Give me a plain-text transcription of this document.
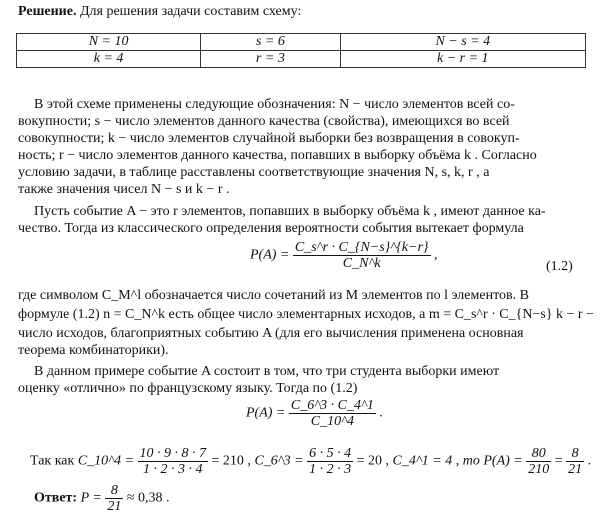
Решение. Для решения задачи составим схему:
N = 10	s = 6	N − s = 4
k = 4	r = 3	k − r = 1
В этой схеме применены следующие обозначения: N − число элементов всей со-
вокупности; s − число элементов данного качества (свойства), имеющихся во всей
совокупности; k − число элементов случайной выборки без возвращения в совокуп-
ность; r − число элементов данного качества, попавших в выборку объёма k . Согласно
условию задачи, в таблице расставлены соответствующие значения N, s, k, r , а
также значения чисел N − s и k − r .
Пусть событие A − это r элементов, попавших в выборку объёма k , имеют данное ка-
чество. Тогда из классического определения вероятности события вытекает формула
$P(A) = \frac{C\_s\^{}r \cdot C\_\{N-s\}\^{}\{k-r\}}{C\_N\^{}k}$ ,
(1.2)
где символом C_M^l обозначается число сочетаний из M элементов по l элементов. В
формуле (1.2) n = C_N^k есть общее число элементарных исходов, а m = C_s^r · C_{N−s} k − r −
число исходов, благоприятных событию A (для его вычисления применена основная
теорема комбинаторики).
В данном примере событие A состоит в том, что три студента выборки имеют
оценку «отлично» по французскому языку. Тогда по (1.2)
$P(A) = \frac{C\_6\^{}3 \cdot C\_4\^{}1}{C\_10\^{}4}$ .
Так как C_10^4 = $\frac{10 \cdot 9 \cdot 8 \cdot 7}{1 \cdot 2 \cdot 3 \cdot 4} = 210$ , C_6^3 = $\frac{6 \cdot 5 \cdot 4}{1 \cdot 2 \cdot 3} = 20$ , C_4^1 = 4 , то $P(A) = \frac{80}{210} = \frac{8}{21}$ .
Ответ: $P = \frac{8}{21} \approx 0,38$ .
